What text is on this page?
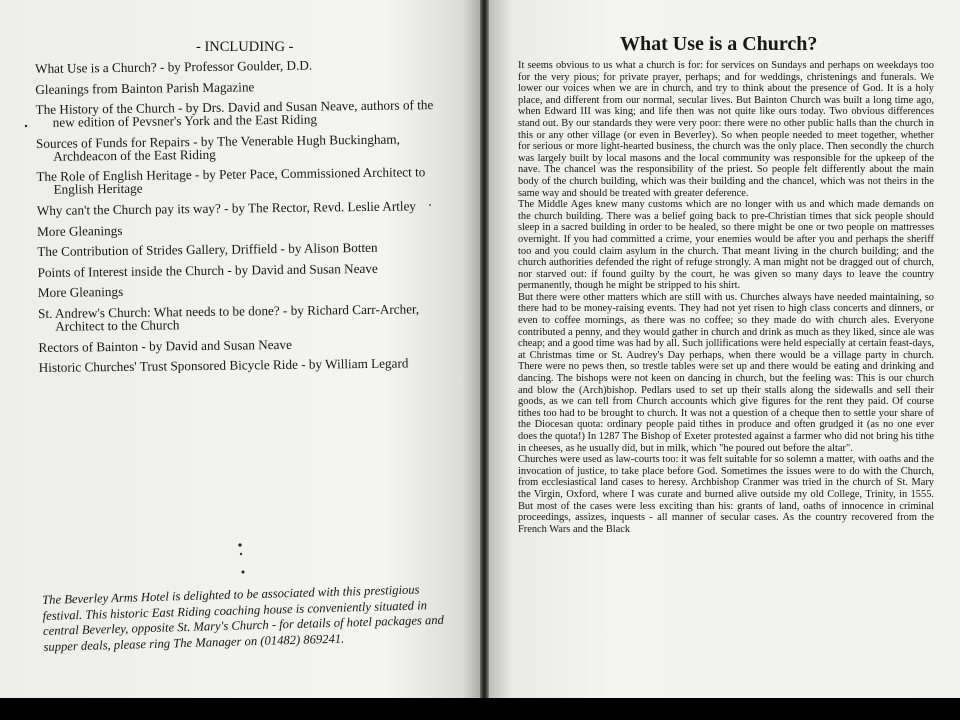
- INCLUDING -
What Use is a Church? - by Professor Goulder, D.D.
Gleanings from Bainton Parish Magazine
The History of the Church - by Drs. David and Susan Neave, authors of the new edition of Pevsner's York and the East Riding
Sources of Funds for Repairs - by The Venerable Hugh Buckingham, Archdeacon of the East Riding
The Role of English Heritage - by Peter Pace, Commissioned Architect to English Heritage
Why can't the Church pay its way? - by The Rector, Revd. Leslie Artley
More Gleanings
The Contribution of Strides Gallery, Driffield - by Alison Botten
Points of Interest inside the Church - by David and Susan Neave
More Gleanings
St. Andrew's Church: What needs to be done? - by Richard Carr-Archer, Architect to the Church
Rectors of Bainton - by David and Susan Neave
Historic Churches' Trust Sponsored Bicycle Ride - by William Legard
The Beverley Arms Hotel is delighted to be associated with this prestigious festival. This historic East Riding coaching house is conveniently situated in central Beverley, opposite St. Mary's Church - for details of hotel packages and supper deals, please ring The Manager on (01482) 869241.
What Use is a Church?

It seems obvious to us what a church is for: for services on Sundays and perhaps on weekdays too for the very pious; for private prayer, perhaps; and for weddings, christenings and funerals. We lower our voices when we are in church, and try to think about the presence of God. It is a holy place, and different from our normal, secular lives. But Bainton Church was built a long time ago, when Edward III was king; and life then was not quite like ours today. Two obvious differences stand out. By our standards they were very poor: there were no other public halls than the church in this or any other village (or even in Beverley). So when people needed to meet together, whether for serious or more light-hearted business, the church was the only place. Then secondly the church was largely built by local masons and the local community was responsible for the upkeep of the nave. The chancel was the responsibility of the priest. So people felt differently about the main body of the church building, which was their building and the chancel, which was not theirs in the same way and should be treated with greater deference.

The Middle Ages knew many customs which are no longer with us and which made demands on the church building. There was a belief going back to pre-Christian times that sick people should sleep in a sacred building in order to be healed, so there might be one or two people on mattresses overnight. If you had committed a crime, your enemies would be after you and perhaps the sheriff too and you could claim asylum in the church. That meant living in the church building; and the church authorities defended the right of refuge strongly. A man might not be dragged out of church, nor starved out: if found guilty by the court, he was given so many days to leave the country permanently, though he might be stripped to his shirt.

But there were other matters which are still with us. Churches always have needed maintaining, so there had to be money-raising events. They had not yet risen to high class concerts and dinners, or even to coffee mornings, as there was no coffee; so they made do with church ales. Everyone contributed a penny, and they would gather in church and drink as much as they liked, since ale was cheap; and a good time was had by all. Such jollifications were held especially at certain feast-days, at Christmas time or St. Audrey's Day perhaps, when there would be a village party in church. There were no pews then, so trestle tables were set up and there would be eating and drinking and dancing. The bishops were not keen on dancing in church, but the feeling was: This is our church and blow the (Arch)bishop. Pedlars used to set up their stalls along the sidewalls and sell their goods, as we can tell from Church accounts which give figures for the rent they paid. Of course tithes too had to be brought to church. It was not a question of a cheque then to settle your share of the Diocesan quota: ordinary people paid tithes in produce and often grudged it (as no one ever does the quota!) In 1287 The Bishop of Exeter protested against a farmer who did not bring his tithe in cheeses, as he usually did, but in milk, which "he poured out before the altar".

Churches were used as law-courts too: it was felt suitable for so solemn a matter, with oaths and the invocation of justice, to take place before God. Sometimes the issues were to do with the Church, from ecclesiastical land cases to heresy. Archbishop Cranmer was tried in the church of St. Mary the Virgin, Oxford, where I was curate and burned alive outside my old College, Trinity, in 1555. But most of the cases were less exciting than his: grants of land, oaths of innocence in criminal proceedings, assizes, inquests - all manner of secular cases. As the country recovered from the French Wars and the Black
